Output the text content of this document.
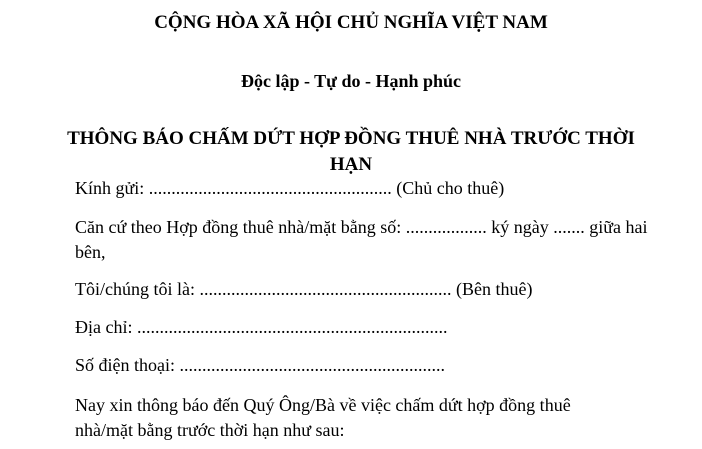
CỘNG HÒA XÃ HỘI CHỦ NGHĨA VIỆT NAM
Độc lập - Tự do - Hạnh phúc
THÔNG BÁO CHẤM DỨT HỢP ĐỒNG THUÊ NHÀ TRƯỚC THỜI HẠN
Kính gửi: ...................................................... (Chủ cho thuê)
Căn cứ theo Hợp đồng thuê nhà/mặt bằng số: .................. ký ngày ....... giữa hai bên,
Tôi/chúng tôi là: ........................................................ (Bên thuê)
Địa chỉ: .....................................................................
Số điện thoại: ...........................................................
Nay xin thông báo đến Quý Ông/Bà về việc chấm dứt hợp đồng thuê nhà/mặt bằng trước thời hạn như sau:
